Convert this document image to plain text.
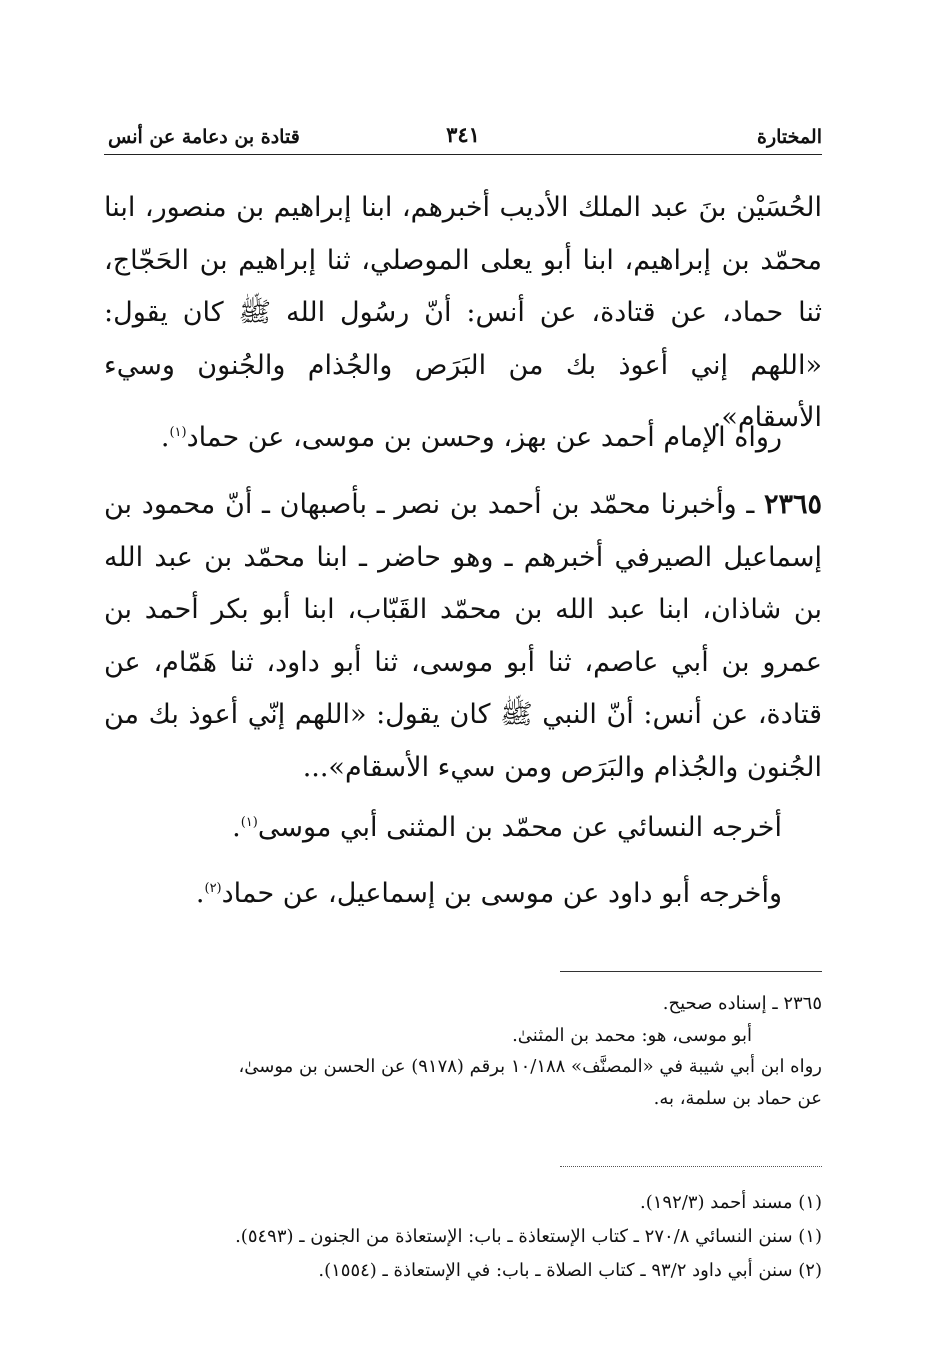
المختارة
٣٤١
قتادة بن دعامة عن أنس
الحُسَيْن بنَ عبد الملك الأديب أخبرهم، ابنا إبراهيم بن منصور، ابنا محمّد بن إبراهيم، ابنا أبو يعلى الموصلي، ثنا إبراهيم بن الحَجّاج، ثنا حماد، عن قتادة، عن أنس: أنّ رسُول الله ﷺ كان يقول: «اللهم إني أعوذ بك من البَرَص والجُذام والجُنون وسيء الأسقام».
رواه الإمام أحمد عن بهز، وحسن بن موسى، عن حماد$^{(١)}$.
٢٣٦٥ ـ وأخبرنا محمّد بن أحمد بن نصر ـ بأصبهان ـ أنّ محمود بن إسماعيل الصيرفي أخبرهم ـ وهو حاضر ـ ابنا محمّد بن عبد الله بن شاذان، ابنا عبد الله بن محمّد القَبّاب، ابنا أبو بكر أحمد بن عمرو بن أبي عاصم، ثنا أبو موسى، ثنا أبو داود، ثنا هَمّام، عن قتادة، عن أنس: أنّ النبي ﷺ كان يقول: «اللهم إنّي أعوذ بك من الجُنون والجُذام والبَرَص ومن سيء الأسقام»...
أخرجه النسائي عن محمّد بن المثنى أبي موسى$^{(١)}$.
وأخرجه أبو داود عن موسى بن إسماعيل، عن حماد$^{(٢)}$.
٢٣٦٥ ـ إسناده صحيح.
أبو موسى، هو: محمد بن المثنىٰ.
رواه ابن أبي شيبة في «المصنَّف» ١٠/١٨٨ برقم (٩١٧٨) عن الحسن بن موسىٰ،
عن حماد بن سلمة، به.
(١) مسند أحمد (١٩٢/٣).
(١) سنن النسائي ٢٧٠/٨ ـ كتاب الإستعاذة ـ باب: الإستعاذة من الجنون ـ (٥٤٩٣).
(٢) سنن أبي داود ٩٣/٢ ـ كتاب الصلاة ـ باب: في الإستعاذة ـ (١٥٥٤).
